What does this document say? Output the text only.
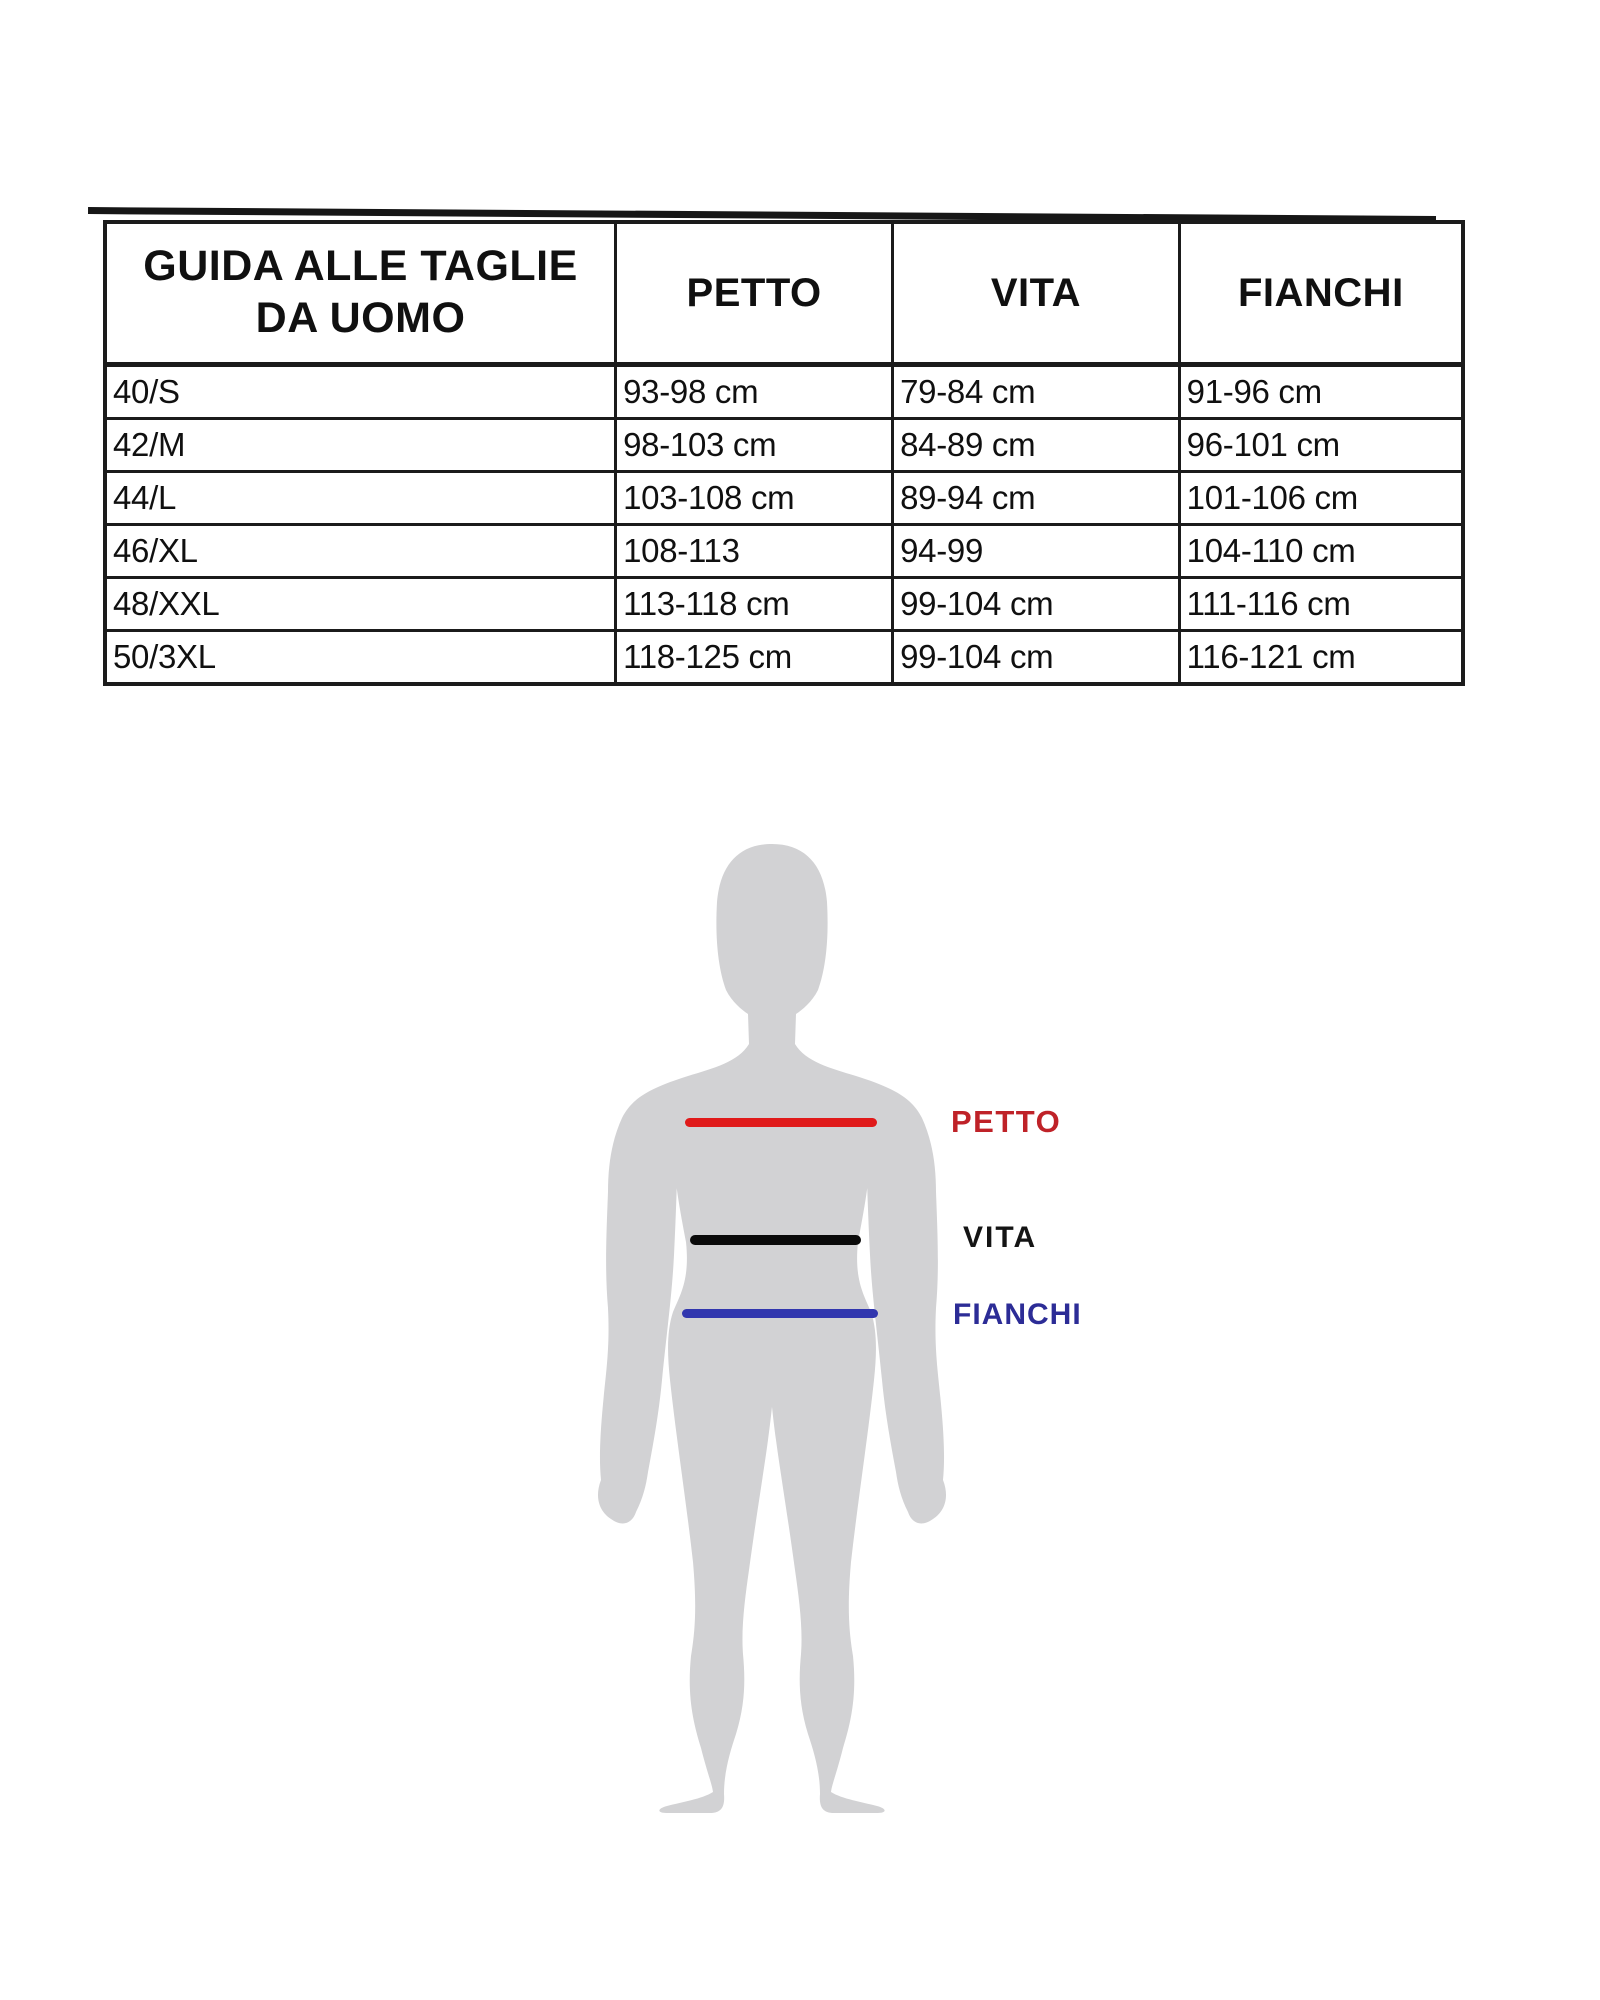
GUIDA ALLE TAGLIE DA UOMO	PETTO	VITA	FIANCHI
40/S	93-98 cm	79-84 cm	91-96 cm
42/M	98-103 cm	84-89 cm	96-101 cm
44/L	103-108 cm	89-94 cm	101-106 cm
46/XL	108-113	94-99	104-110 cm
48/XXL	113-118 cm	99-104 cm	111-116 cm
50/3XL	118-125 cm	99-104 cm	116-121 cm
PETTO
VITA
FIANCHI
